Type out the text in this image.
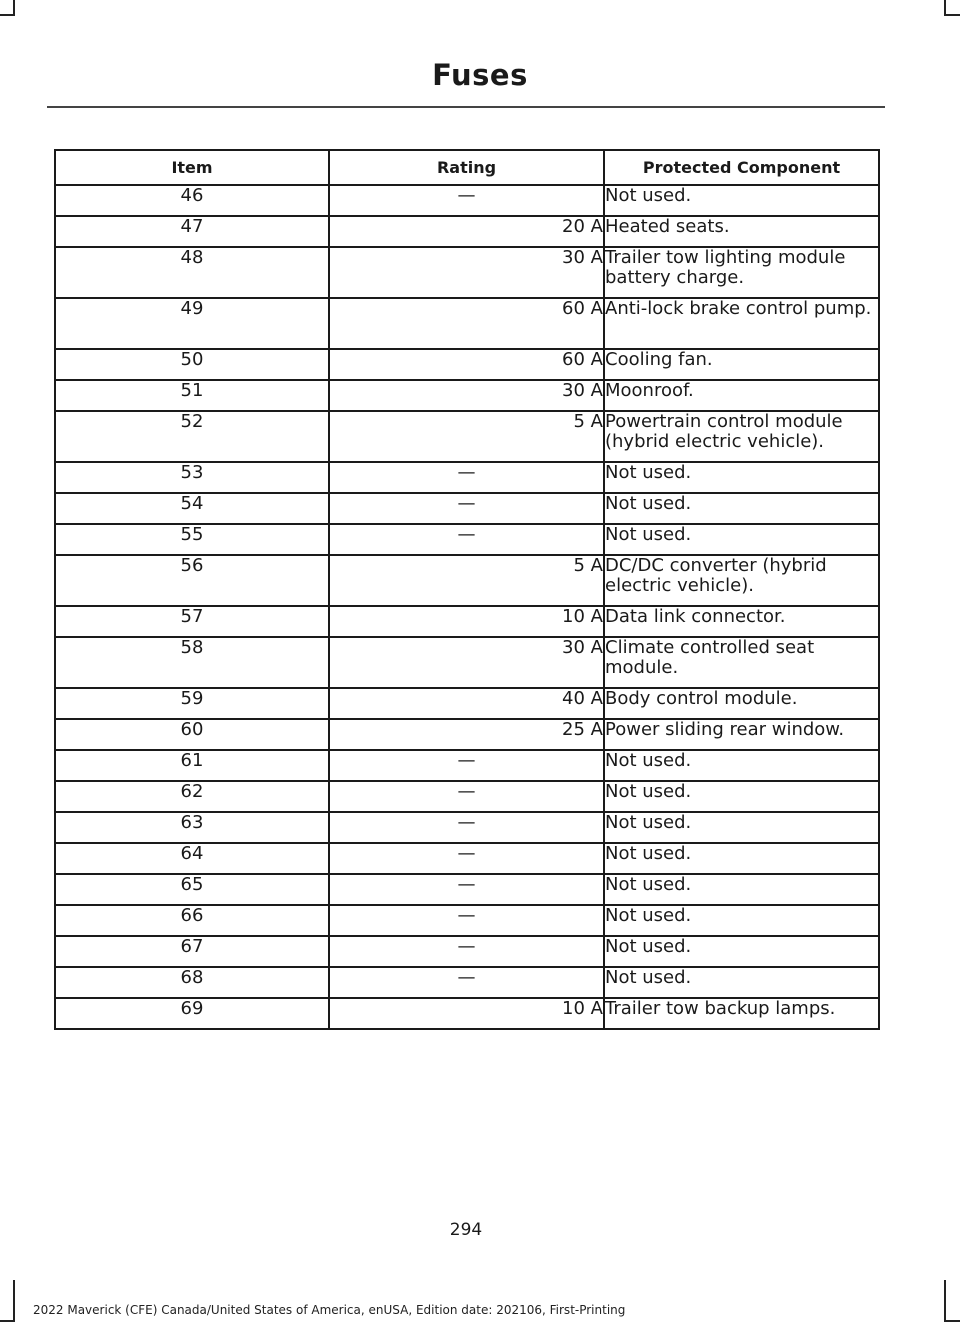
Fuses
Item	Rating	Protected Component
46	—	Not used.
47	20 A	Heated seats.
48	30 A	Trailer tow lighting module battery charge.
49	60 A	Anti-lock brake control pump.
50	60 A	Cooling fan.
51	30 A	Moonroof.
52	5 A	Powertrain control module (hybrid electric vehicle).
53	—	Not used.
54	—	Not used.
55	—	Not used.
56	5 A	DC/DC converter (hybrid electric vehicle).
57	10 A	Data link connector.
58	30 A	Climate controlled seat module.
59	40 A	Body control module.
60	25 A	Power sliding rear window.
61	—	Not used.
62	—	Not used.
63	—	Not used.
64	—	Not used.
65	—	Not used.
66	—	Not used.
67	—	Not used.
68	—	Not used.
69	10 A	Trailer tow backup lamps.
294
2022 Maverick (CFE) Canada/United States of America, enUSA, Edition date: 202106, First-Printing
